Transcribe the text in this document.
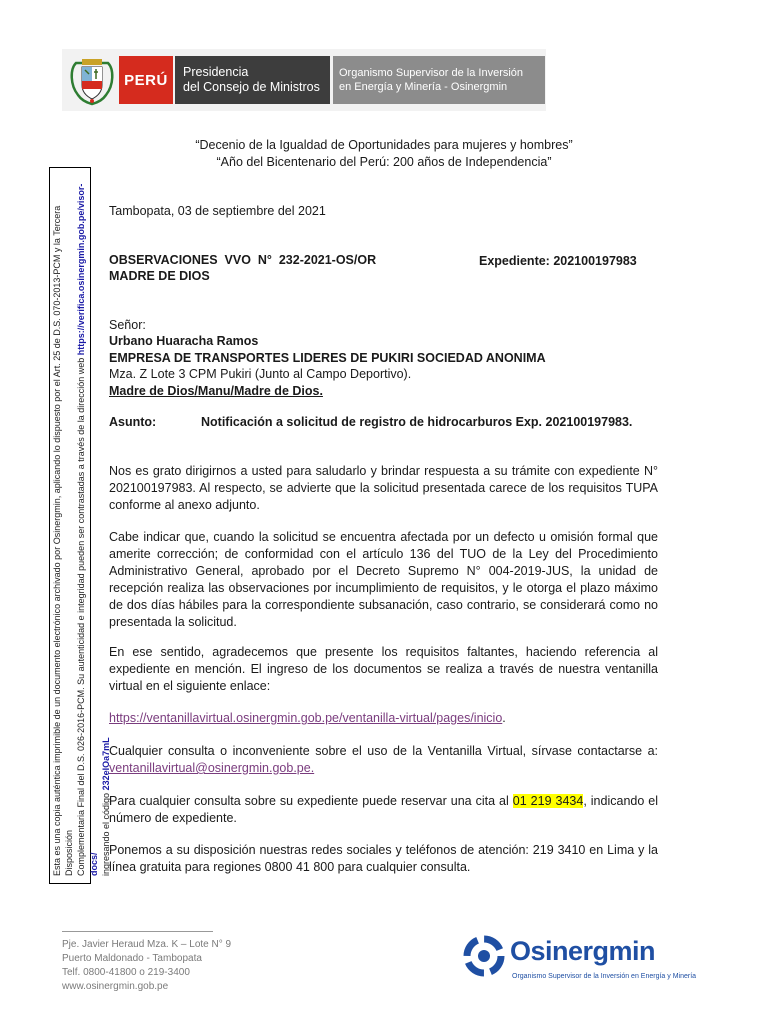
PERÚ	Presidencia
del Consejo de Ministros
Organismo Supervisor de la Inversión
en Energía y Minería - Osinergmin
“Decenio de la Igualdad de Oportunidades para mujeres y hombres”
“Año del Bicentenario del Perú: 200 años de Independencia”
Esta es una copia auténtica imprimible de un documento electrónico archivado por Osinergmin, aplicando lo dispuesto por el Art. 25 de D.S. 070-2013-PCM y la Tercera Disposición Complementaria Final del D.S. 026-2016-PCM. Su autenticidad e integridad pueden ser contrastadas a través de la dirección web https://verifica.osinergmin.gob.pe/visor-docs/ ingresando el código 232eIOa7mL
Tambopata, 03 de septiembre del 2021
OBSERVACIONES  VVO  N°  232-2021-OS/OR
MADRE DE DIOS
Expediente: 202100197983
Señor:
Urbano Huaracha Ramos
EMPRESA DE TRANSPORTES LIDERES DE PUKIRI SOCIEDAD ANONIMA
Mza. Z Lote 3 CPM Pukiri (Junto al Campo Deportivo).
Madre de Dios/Manu/Madre de Dios.
Asunto:	Notificación a solicitud de registro de hidrocarburos Exp. 202100197983.
Nos es grato dirigirnos a usted para saludarlo y brindar respuesta a su trámite con expediente N° 202100197983. Al respecto, se advierte que la solicitud presentada carece de los requisitos TUPA conforme al anexo adjunto.
Cabe indicar que, cuando la solicitud se encuentra afectada por un defecto u omisión formal que amerite corrección; de conformidad con el artículo 136 del TUO de la Ley del Procedimiento Administrativo General, aprobado por el Decreto Supremo N° 004-2019-JUS, la unidad de recepción realiza las observaciones por incumplimiento de requisitos, y le otorga el plazo máximo de dos días hábiles para la correspondiente subsanación, caso contrario, se considerará como no presentada la solicitud.
En ese sentido, agradecemos que presente los requisitos faltantes, haciendo referencia al expediente en mención. El ingreso de los documentos se realiza a través de nuestra ventanilla virtual en el siguiente enlace:
https://ventanillavirtual.osinergmin.gob.pe/ventanilla-virtual/pages/inicio.
Cualquier consulta o inconveniente sobre el uso de la Ventanilla Virtual, sírvase contactarse a: ventanillavirtual@osinergmin.gob.pe.
Para cualquier consulta sobre su expediente puede reservar una cita al 01 219 3434, indicando el número de expediente.
Ponemos a su disposición nuestras redes sociales y teléfonos de atención: 219 3410 en Lima y la línea gratuita para regiones 0800 41 800 para cualquier consulta.
Pje. Javier Heraud Mza. K – Lote N° 9
Puerto Maldonado - Tambopata
Telf. 0800-41800 o 219-3400
www.osinergmin.gob.pe
Osinergmin
Organismo Supervisor de la Inversión en Energía y Minería
